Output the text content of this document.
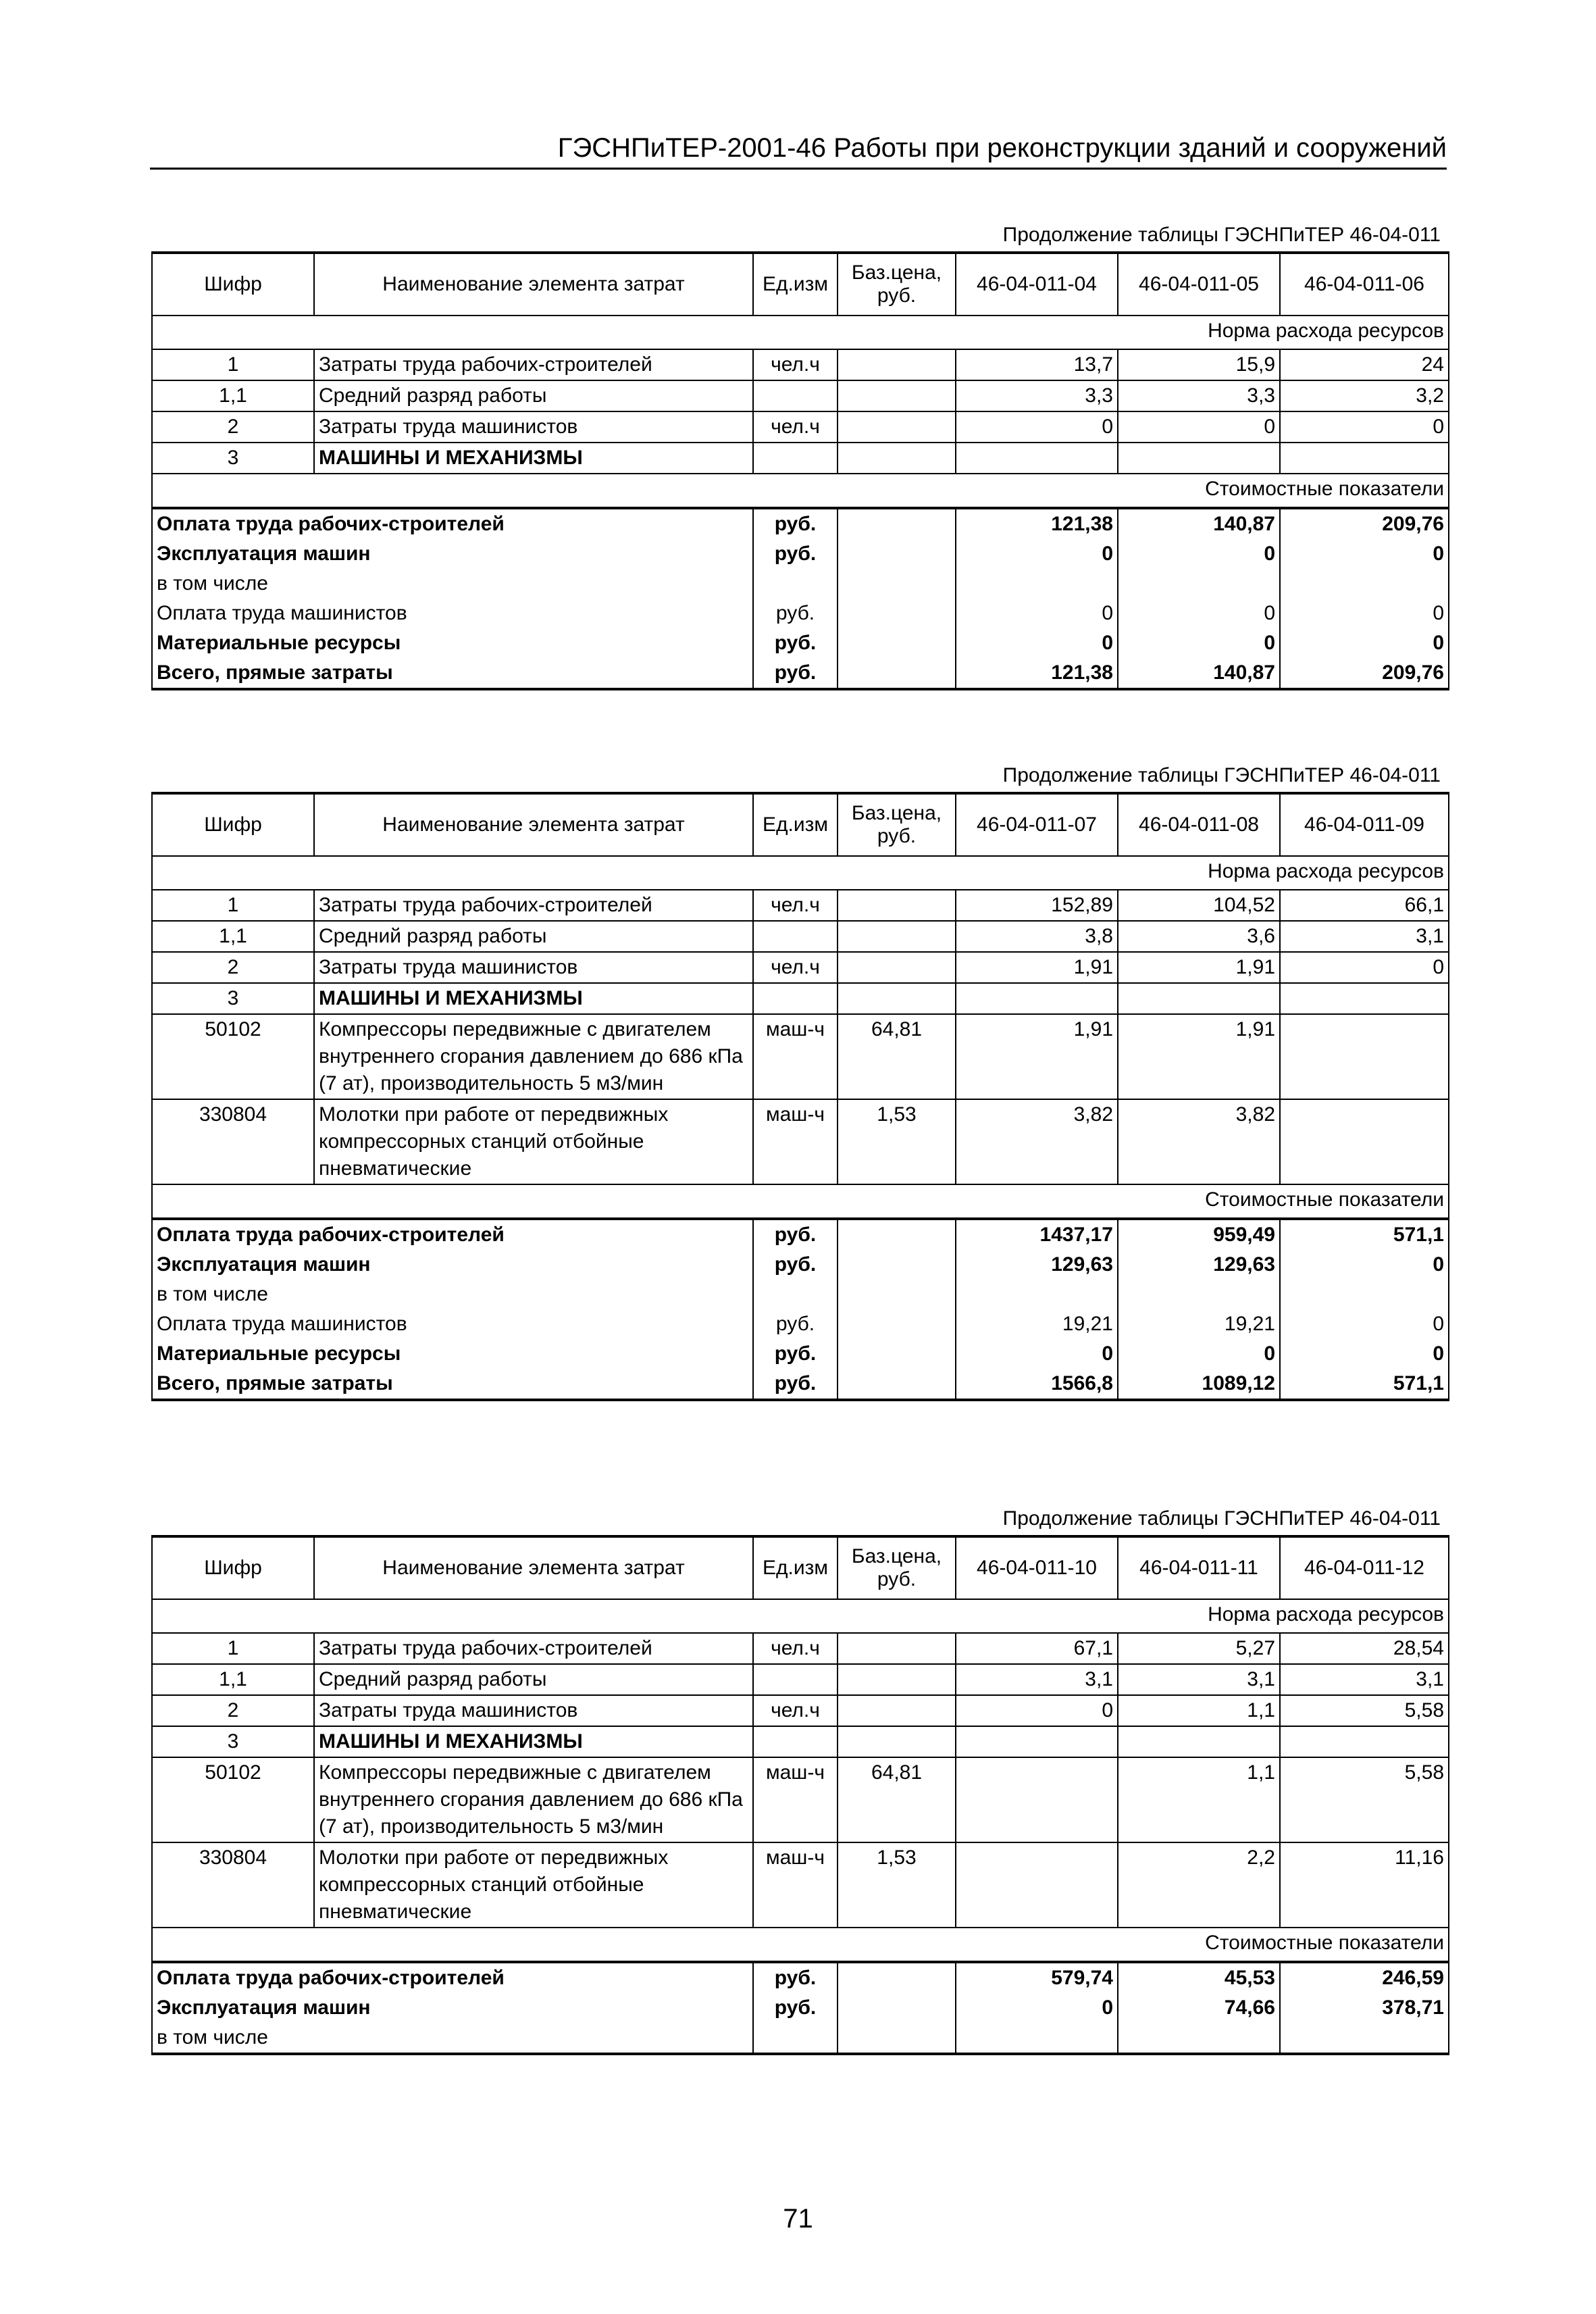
ГЭСНПиТЕР-2001-46 Работы при реконструкции зданий и сооружений
Продолжение таблицы ГЭСНПиТЕР 46-04-011
Шифр	Наименование элемента затрат	Ед.изм	Баз.цена, руб.	46-04-011-04	46-04-011-05	46-04-011-06
Норма расхода ресурсов						
1	Затраты труда рабочих-строителей	чел.ч		13,7	15,9	24
1,1	Средний разряд работы			3,3	3,3	3,2
2	Затраты труда машинистов	чел.ч		0	0	0
3	МАШИНЫ И МЕХАНИЗМЫ					
Стоимостные показатели						
Оплата труда рабочих-строителей		руб.		121,38	140,87	209,76
Эксплуатация машин		руб.		0	0	0
в том числе						
Оплата труда машинистов		руб.		0	0	0
Материальные ресурсы		руб.		0	0	0
Всего, прямые затраты		руб.		121,38	140,87	209,76
Продолжение таблицы ГЭСНПиТЕР 46-04-011
Шифр	Наименование элемента затрат	Ед.изм	Баз.цена, руб.	46-04-011-07	46-04-011-08	46-04-011-09
Норма расхода ресурсов						
1	Затраты труда рабочих-строителей	чел.ч		152,89	104,52	66,1
1,1	Средний разряд работы			3,8	3,6	3,1
2	Затраты труда машинистов	чел.ч		1,91	1,91	0
3	МАШИНЫ И МЕХАНИЗМЫ					
50102	Компрессоры передвижные с двигателем внутреннего сгорания давлением до 686 кПа (7 ат), производительность 5 м3/мин	маш-ч	64,81	1,91	1,91	
330804	Молотки при работе от передвижных компрессорных станций отбойные пневматические	маш-ч	1,53	3,82	3,82	
Стоимостные показатели						
Оплата труда рабочих-строителей		руб.		1437,17	959,49	571,1
Эксплуатация машин		руб.		129,63	129,63	0
в том числе						
Оплата труда машинистов		руб.		19,21	19,21	0
Материальные ресурсы		руб.		0	0	0
Всего, прямые затраты		руб.		1566,8	1089,12	571,1
Продолжение таблицы ГЭСНПиТЕР 46-04-011
Шифр	Наименование элемента затрат	Ед.изм	Баз.цена, руб.	46-04-011-10	46-04-011-11	46-04-011-12
Норма расхода ресурсов						
1	Затраты труда рабочих-строителей	чел.ч		67,1	5,27	28,54
1,1	Средний разряд работы			3,1	3,1	3,1
2	Затраты труда машинистов	чел.ч		0	1,1	5,58
3	МАШИНЫ И МЕХАНИЗМЫ					
50102	Компрессоры передвижные с двигателем внутреннего сгорания давлением до 686 кПа (7 ат), производительность 5 м3/мин	маш-ч	64,81		1,1	5,58
330804	Молотки при работе от передвижных компрессорных станций отбойные пневматические	маш-ч	1,53		2,2	11,16
Стоимостные показатели						
Оплата труда рабочих-строителей		руб.		579,74	45,53	246,59
Эксплуатация машин		руб.		0	74,66	378,71
в том числе						
71
